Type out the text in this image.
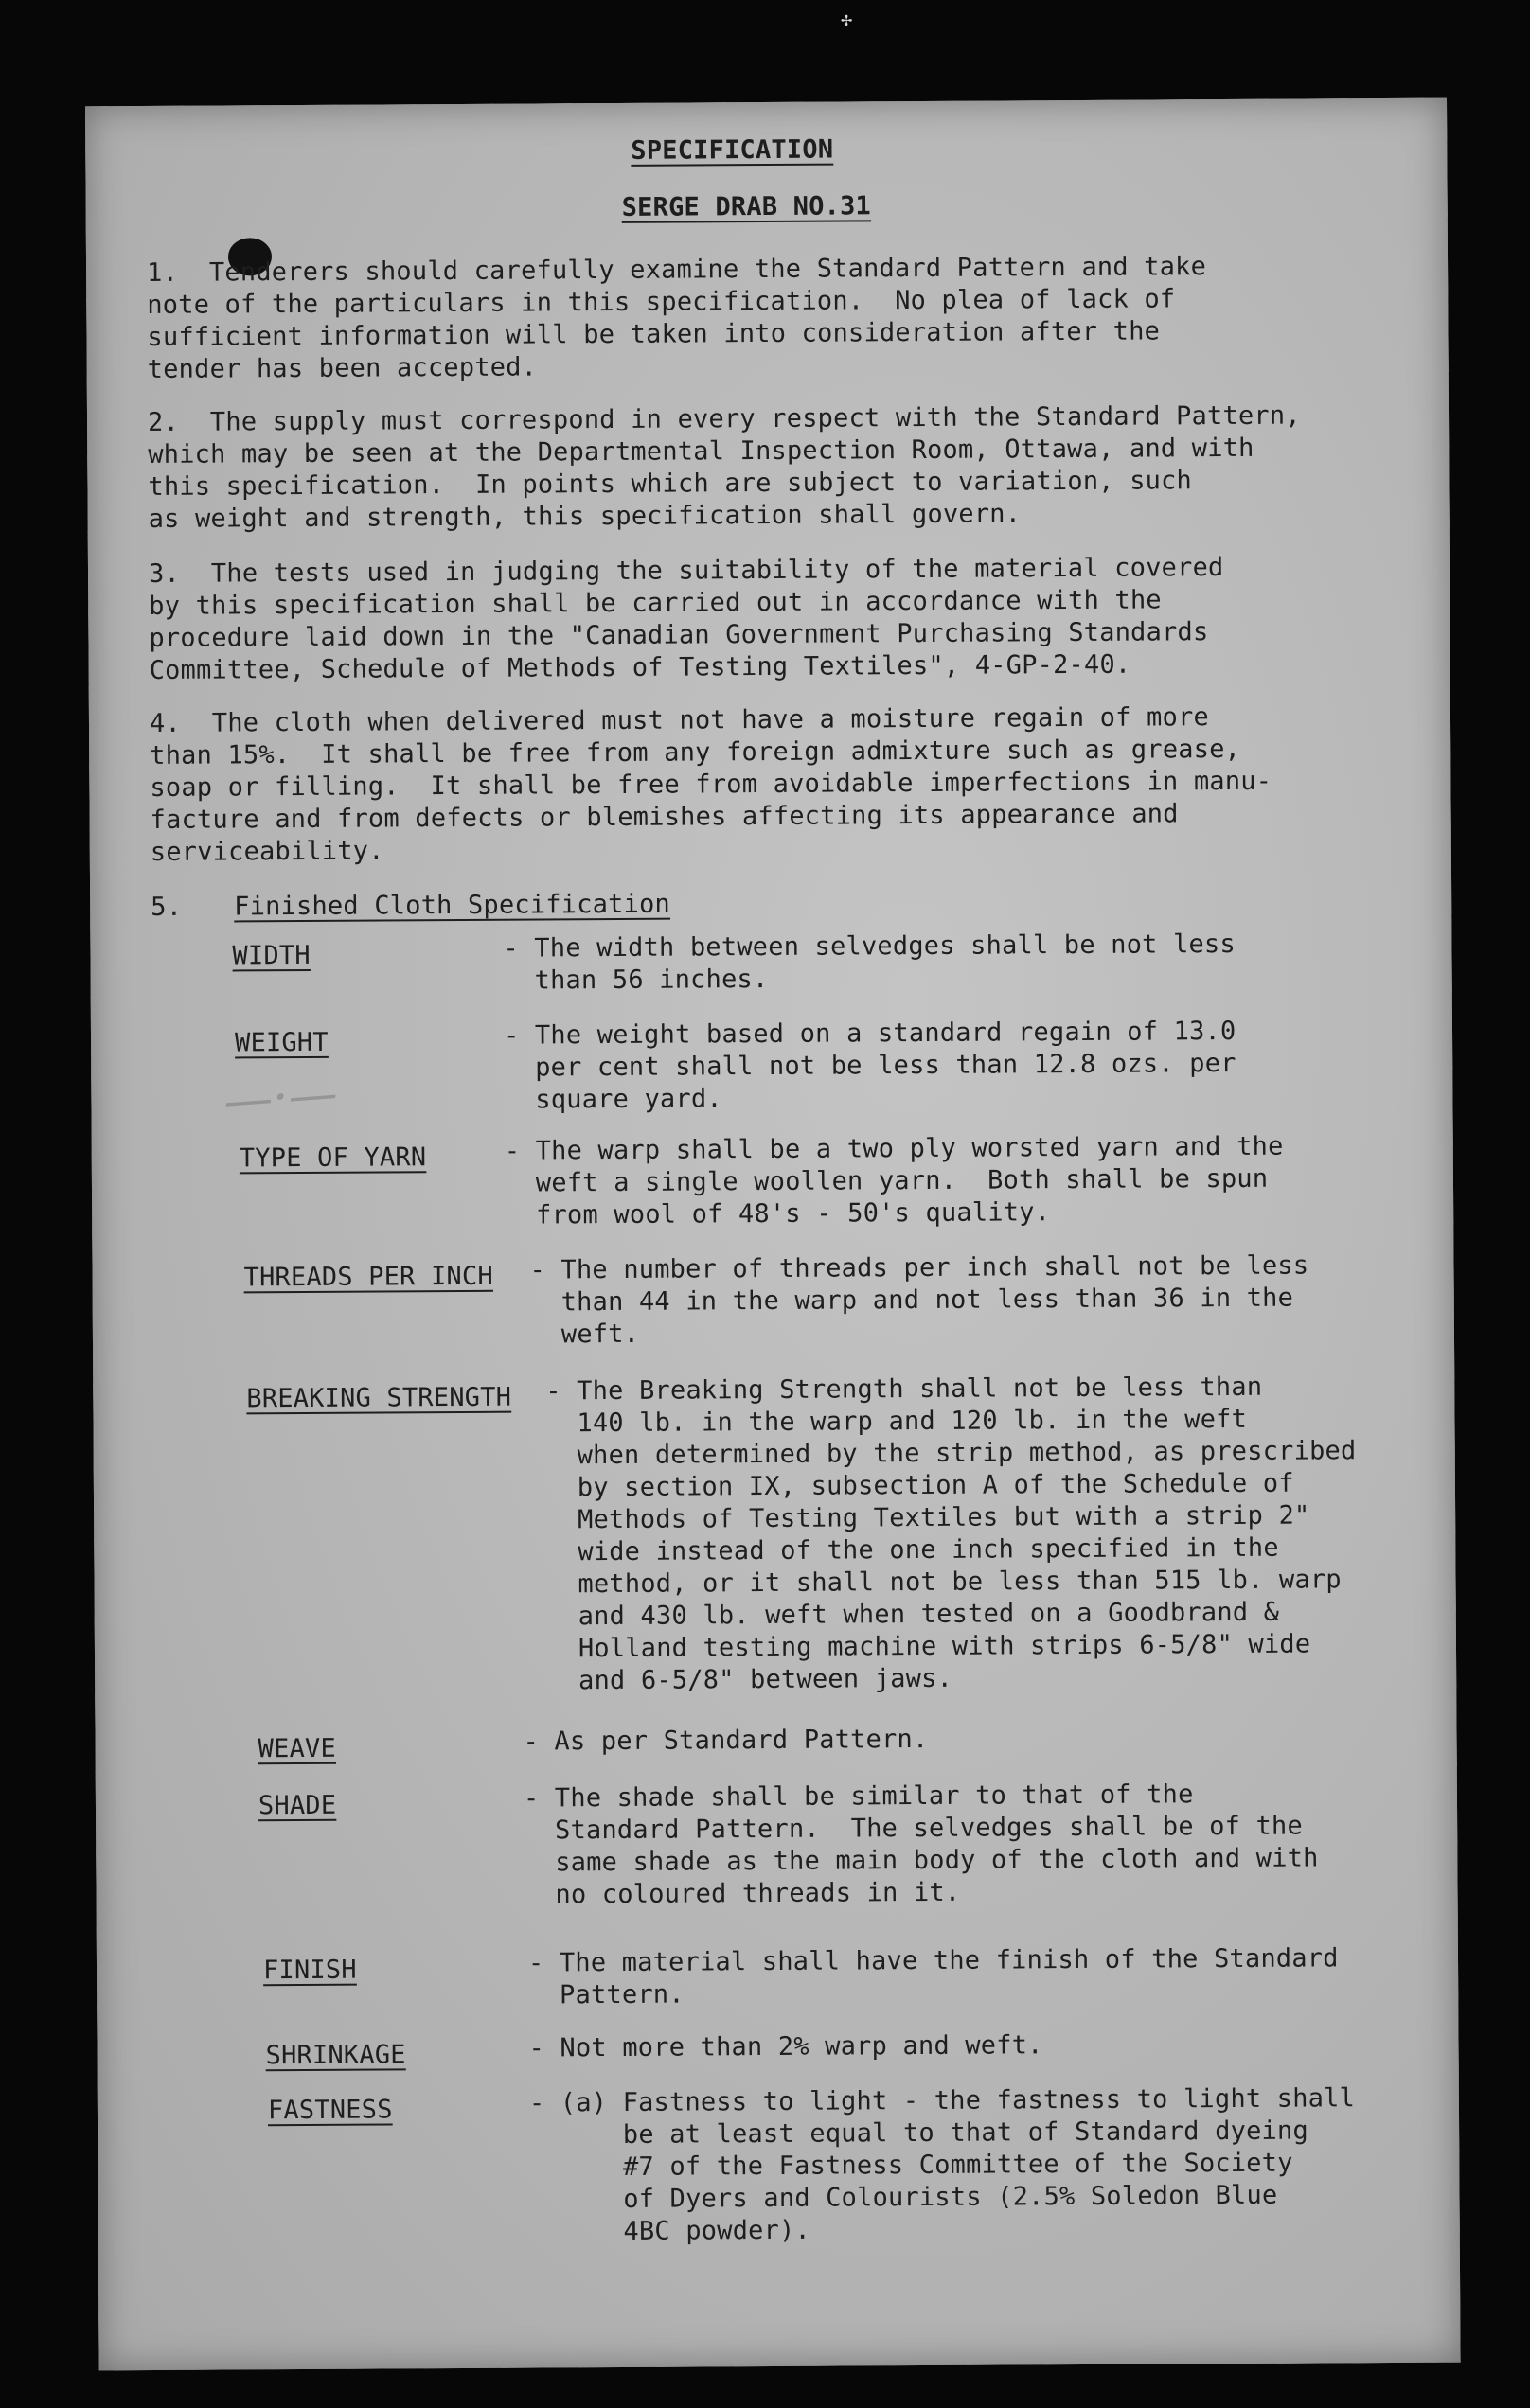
✢
SPECIFICATION
SERGE DRAB NO.31
1.  Tenderers should carefully examine the Standard Pattern and take
note of the particulars in this specification.  No plea of lack of
sufficient information will be taken into consideration after the
tender has been accepted.
2.  The supply must correspond in every respect with the Standard Pattern,
which may be seen at the Departmental Inspection Room, Ottawa, and with
this specification.  In points which are subject to variation, such
as weight and strength, this specification shall govern.
3.  The tests used in judging the suitability of the material covered
by this specification shall be carried out in accordance with the
procedure laid down in the "Canadian Government Purchasing Standards
Committee, Schedule of Methods of Testing Textiles", 4-GP-2-40.
4.  The cloth when delivered must not have a moisture regain of more
than 15%.  It shall be free from any foreign admixture such as grease,
soap or filling.  It shall be free from avoidable imperfections in manu-
facture and from defects or blemishes affecting its appearance and
serviceability.
5. Finished Cloth Specification
—·—
WIDTH	- The width between selvedges shall be not less
than 56 inches.
WEIGHT	- The weight based on a standard regain of 13.0
per cent shall not be less than 12.8 ozs. per
square yard.
TYPE OF YARN	- The warp shall be a two ply worsted yarn and the
weft a single woollen yarn.  Both shall be spun
from wool of 48's - 50's quality.
THREADS PER INCH - The number of threads per inch shall not be less
than 44 in the warp and not less than 36 in the
weft.
BREAKING STRENGTH - The Breaking Strength shall not be less than
140 lb. in the warp and 120 lb. in the weft
when determined by the strip method, as prescribed
by section IX, subsection A of the Schedule of
Methods of Testing Textiles but with a strip 2"
wide instead of the one inch specified in the
method, or it shall not be less than 515 lb. warp
and 430 lb. weft when tested on a Goodbrand &
Holland testing machine with strips 6-5/8" wide
and 6-5/8" between jaws.
WEAVE	- As per Standard Pattern.
SHADE	- The shade shall be similar to that of the
Standard Pattern.  The selvedges shall be of the
same shade as the main body of the cloth and with
no coloured threads in it.
FINISH	- The material shall have the finish of the Standard
Pattern.
SHRINKAGE	- Not more than 2% warp and weft.
FASTNESS	- (a) Fastness to light - the fastness to light shall
be at least equal to that of Standard dyeing
#7 of the Fastness Committee of the Society
of Dyers and Colourists (2.5% Soledon Blue
4BC powder).
